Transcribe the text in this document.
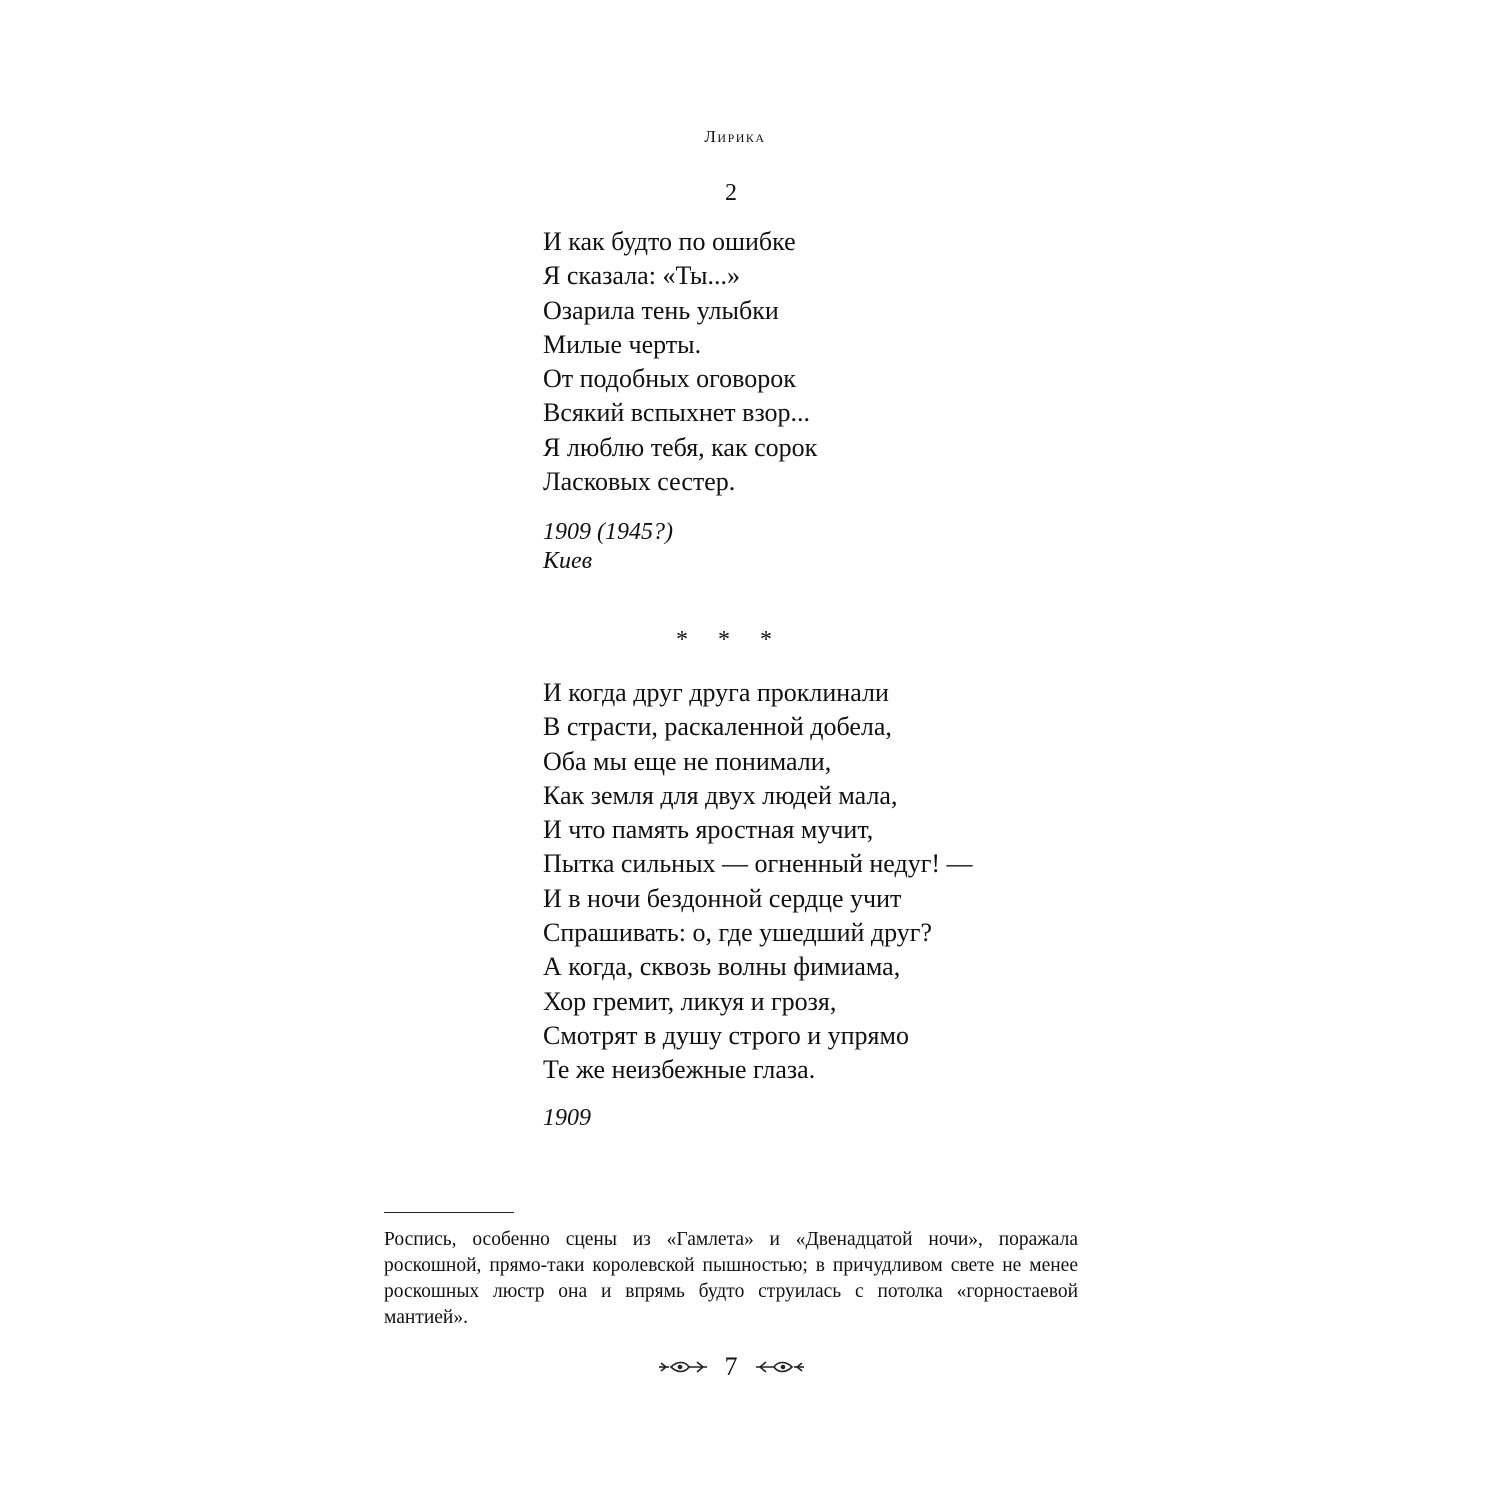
Лирика
2
И как будто по ошибке
Я сказала: «Ты...»
Озарила тень улыбки
Милые черты.
От подобных оговорок
Всякий вспыхнет взор...
Я люблю тебя, как сорок
Ласковых сестер.
1909 (1945?)
Киев
* * *
И когда друг друга проклинали
В страсти, раскаленной добела,
Оба мы еще не понимали,
Как земля для двух людей мала,
И что память яростная мучит,
Пытка сильных — огненный недуг! —
И в ночи бездонной сердце учит
Спрашивать: о, где ушедший друг?
А когда, сквозь волны фимиама,
Хор гремит, ликуя и грозя,
Смотрят в душу строго и упрямо
Те же неизбежные глаза.
1909

Роспись, особенно сцены из «Гамлета» и «Двенадцатой ночи», поражала роскошной, прямо-таки королевской пышностью; в причудливом свете не менее роскошных люстр она и впрямь будто струилась с потолка «горностаевой мантией».

7
